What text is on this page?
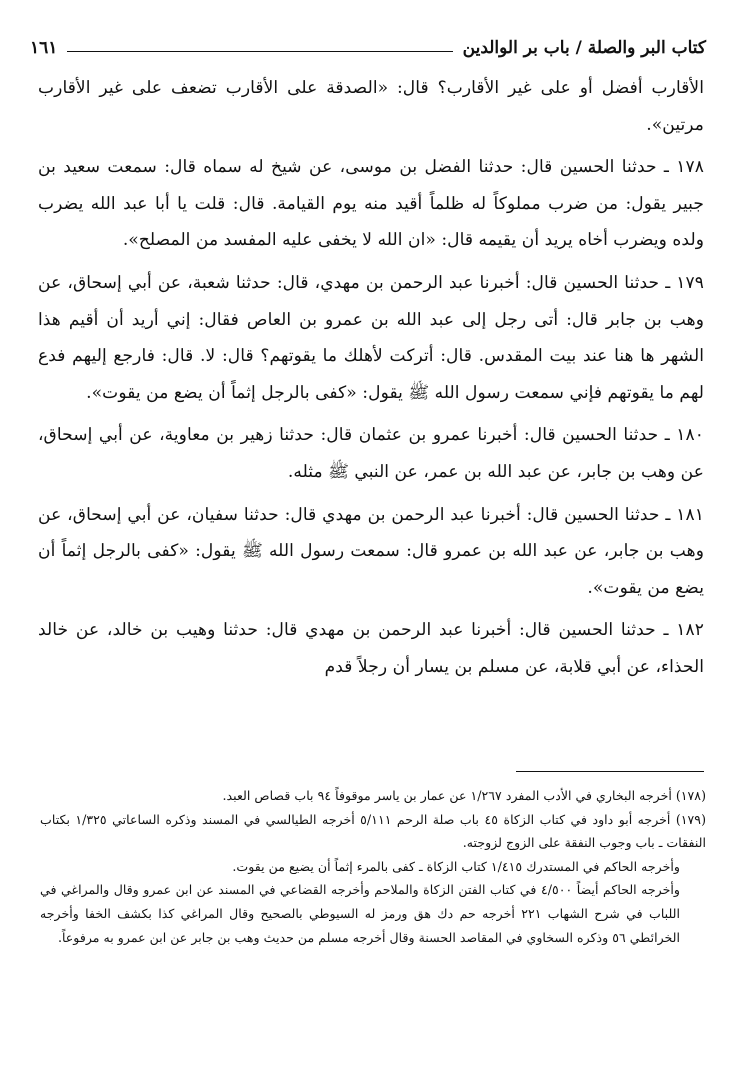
كتاب البر والصلة / باب بر الوالدين
١٦١

الأقارب أفضل أو على غير الأقارب؟ قال: «الصدقة على الأقارب تضعف على غير الأقارب مرتين».

١٧٨ ـ حدثنا الحسين قال: حدثنا الفضل بن موسى، عن شيخ له سماه قال: سمعت سعيد بن جبير يقول: من ضرب مملوكاً له ظلماً أقيد منه يوم القيامة. قال: قلت يا أبا عبد الله يضرب ولده ويضرب أخاه يريد أن يقيمه قال: «ان الله لا يخفى عليه المفسد من المصلح».

١٧٩ ـ حدثنا الحسين قال: أخبرنا عبد الرحمن بن مهدي، قال: حدثنا شعبة، عن أبي إسحاق، عن وهب بن جابر قال: أتى رجل إلى عبد الله بن عمرو بن العاص فقال: إني أريد أن أقيم هذا الشهر ها هنا عند بيت المقدس. قال: أتركت لأهلك ما يقوتهم؟ قال: لا. قال: فارجع إليهم فدع لهم ما يقوتهم فإني سمعت رسول الله ﷺ يقول: «كفى بالرجل إثماً أن يضع من يقوت».

١٨٠ ـ حدثنا الحسين قال: أخبرنا عمرو بن عثمان قال: حدثنا زهير بن معاوية، عن أبي إسحاق، عن وهب بن جابر، عن عبد الله بن عمر، عن النبي ﷺ مثله.

١٨١ ـ حدثنا الحسين قال: أخبرنا عبد الرحمن بن مهدي قال: حدثنا سفيان، عن أبي إسحاق، عن وهب بن جابر، عن عبد الله بن عمرو قال: سمعت رسول الله ﷺ يقول: «كفى بالرجل إثماً أن يضع من يقوت».

١٨٢ ـ حدثنا الحسين قال: أخبرنا عبد الرحمن بن مهدي قال: حدثنا وهيب بن خالد، عن خالد الحذاء، عن أبي قلابة، عن مسلم بن يسار أن رجلاً قدم

(١٧٨) أخرجه البخاري في الأدب المفرد ١/٢٦٧ عن عمار بن ياسر موقوفاً ٩٤ باب قصاص العبد.

(١٧٩) أخرجه أبو داود في كتاب الزكاة ٤٥ باب صلة الرحم ٥/١١١ أخرجه الطيالسي في المسند وذكره الساعاتي ١/٣٢٥ بكتاب النفقات ـ باب وجوب النفقة على الزوج لزوجته.

وأخرجه الحاكم في المستدرك ١/٤١٥ كتاب الزكاة ـ كفى بالمرء إثماً أن يضيع من يقوت.

وأخرجه الحاكم أيضاً ٤/٥٠٠ في كتاب الفتن الزكاة والملاحم وأخرجه القضاعي في المسند عن ابن عمرو وقال والمراغي في اللباب في شرح الشهاب ٢٢١ أخرجه حم دك هق ورمز له السيوطي بالصحيح وقال المراغي كذا بكشف الخفا وأخرجه الخرائطي ٥٦ وذكره السخاوي في المقاصد الحسنة وقال أخرجه مسلم من حديث وهب بن جابر عن ابن عمرو به مرفوعاً.
